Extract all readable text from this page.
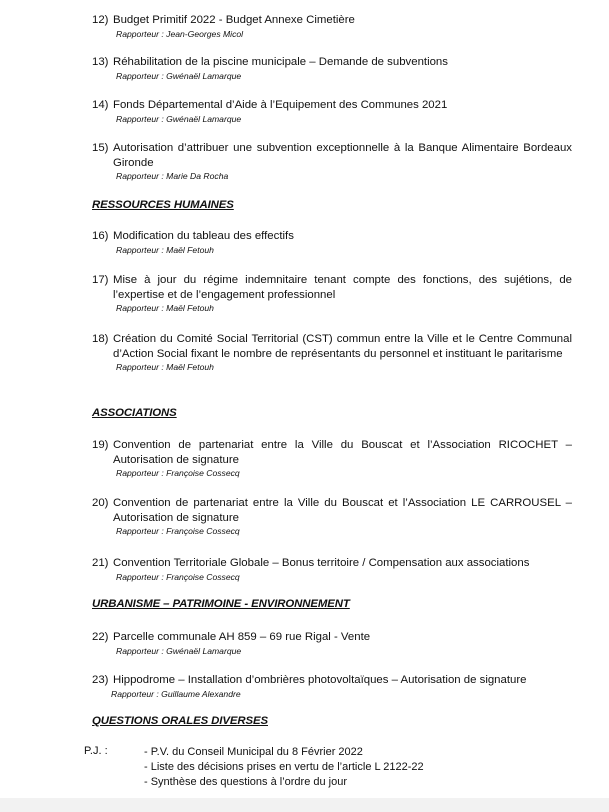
12) Budget Primitif 2022 - Budget Annexe Cimetière
Rapporteur : Jean-Georges Micol
13) Réhabilitation de la piscine municipale – Demande de subventions
Rapporteur : Gwénaël Lamarque
14) Fonds Départemental d’Aide à l’Equipement des Communes 2021
Rapporteur : Gwénaël Lamarque
15) Autorisation d’attribuer une subvention exceptionnelle à la Banque Alimentaire Bordeaux Gironde
Rapporteur : Marie Da Rocha
RESSOURCES HUMAINES
16) Modification du tableau des effectifs
Rapporteur : Maël Fetouh
17) Mise à jour du régime indemnitaire tenant compte des fonctions, des sujétions, de l’expertise et de l’engagement professionnel
Rapporteur : Maël Fetouh
18) Création du Comité Social Territorial (CST) commun entre la Ville et le Centre Communal d’Action Social fixant le nombre de représentants du personnel et instituant le paritarisme
Rapporteur : Maël Fetouh
ASSOCIATIONS
19) Convention de partenariat entre la Ville du Bouscat et l’Association RICOCHET – Autorisation de signature
Rapporteur : Françoise Cossecq
20) Convention de partenariat entre la Ville du Bouscat et l’Association LE CARROUSEL – Autorisation de signature
Rapporteur : Françoise Cossecq
21) Convention Territoriale Globale – Bonus territoire / Compensation aux associations
Rapporteur : Françoise Cossecq
URBANISME – PATRIMOINE - ENVIRONNEMENT
22) Parcelle communale AH 859 – 69 rue Rigal - Vente
Rapporteur : Gwénaël Lamarque
23) Hippodrome – Installation d’ombrières photovoltaïques – Autorisation de signature
Rapporteur : Guillaume Alexandre
QUESTIONS ORALES DIVERSES
P.J. :	- P.V. du Conseil Municipal du 8 Février 2022
- Liste des décisions prises en vertu de l’article L 2122-22
- Synthèse des questions à l’ordre du jour
